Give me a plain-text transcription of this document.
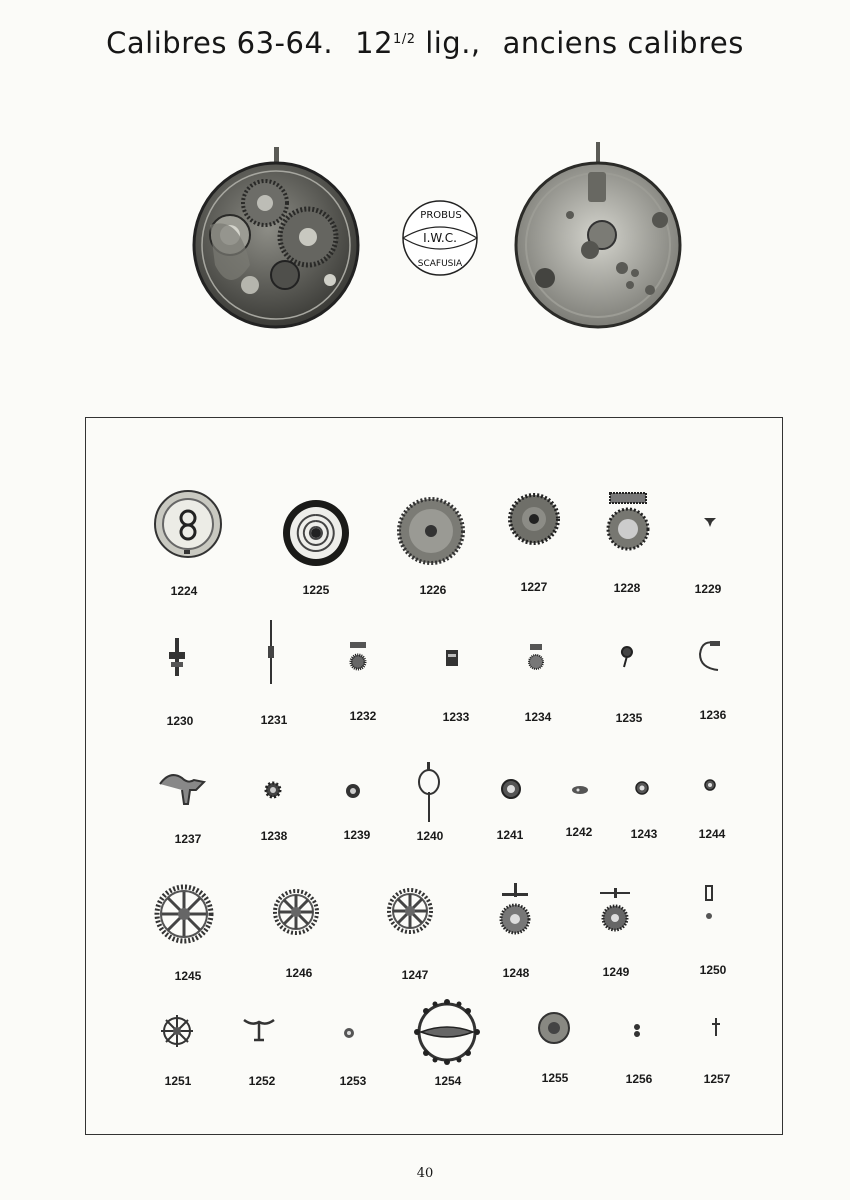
Calibres 63-64. $12^{1/2}$ lig., anciens calibres
PROBUS
I.W.C.
SCAFUSIA
1224	1225	1226	1227	1228	1229
1230	1231	1232	1233	1234	1235	1236
1237	1238	1239	1240	1241	1242	1243	1244
1245	1246	1247	1248	1249	1250
1251	1252	1253	1254	1255	1256	1257
40
